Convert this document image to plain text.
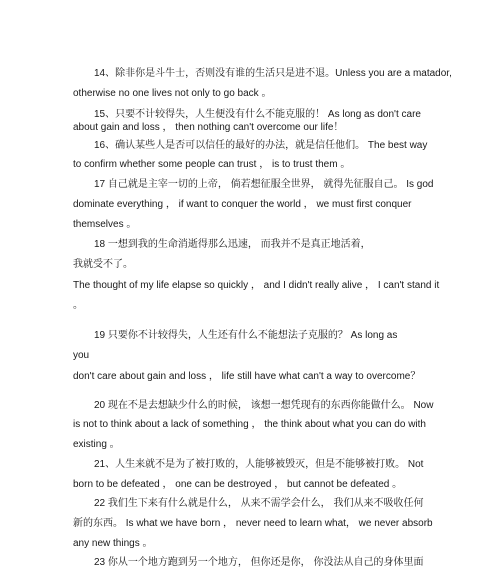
14、除非你是斗牛士，否则没有谁的生活只是进不退。Unless you are a matador,
otherwise no one lives not only to go back 。
15、只要不计较得失，人生便没有什么不能克服的！ As long as don't care
about gain and loss ， then nothing can't overcome our life！
16、确认某些人是否可以信任的最好的办法，就是信任他们。 The best way
to confirm whether some people can trust ， is to trust them 。
17 自己就是主宰一切的上帝， 倘若想征服全世界， 就得先征服自己。 Is god
dominate everything ， if want to conquer the world ， we must first conquer
themselves 。
18 一想到我的生命消逝得那么迅速， 而我并不是真正地活着，
我就受不了。
The thought of my life elapse so quickly ， and I didn't really alive ， I can't stand it
。
19 只要你不计较得失，人生还有什么不能想法子克服的？ As long as
you
don't care about gain and loss ， life still have what can't a way to overcome？
20 现在不是去想缺少什么的时候， 该想一想凭现有的东西你能做什么。 Now
is not to think about a lack of something ， the think about what you can do with
existing 。
21、人生来就不是为了被打败的，人能够被毁灭，但是不能够被打败。 Not
born to be defeated ， one can be destroyed ， but cannot be defeated 。
22 我们生下来有什么就是什么， 从来不需学会什么， 我们从来不吸收任何
新的东西。 Is what we have born ， never need to learn what， we never absorb
any new things 。
23 你从一个地方跑到另一个地方， 但你还是你， 你没法从自己的身体里面
